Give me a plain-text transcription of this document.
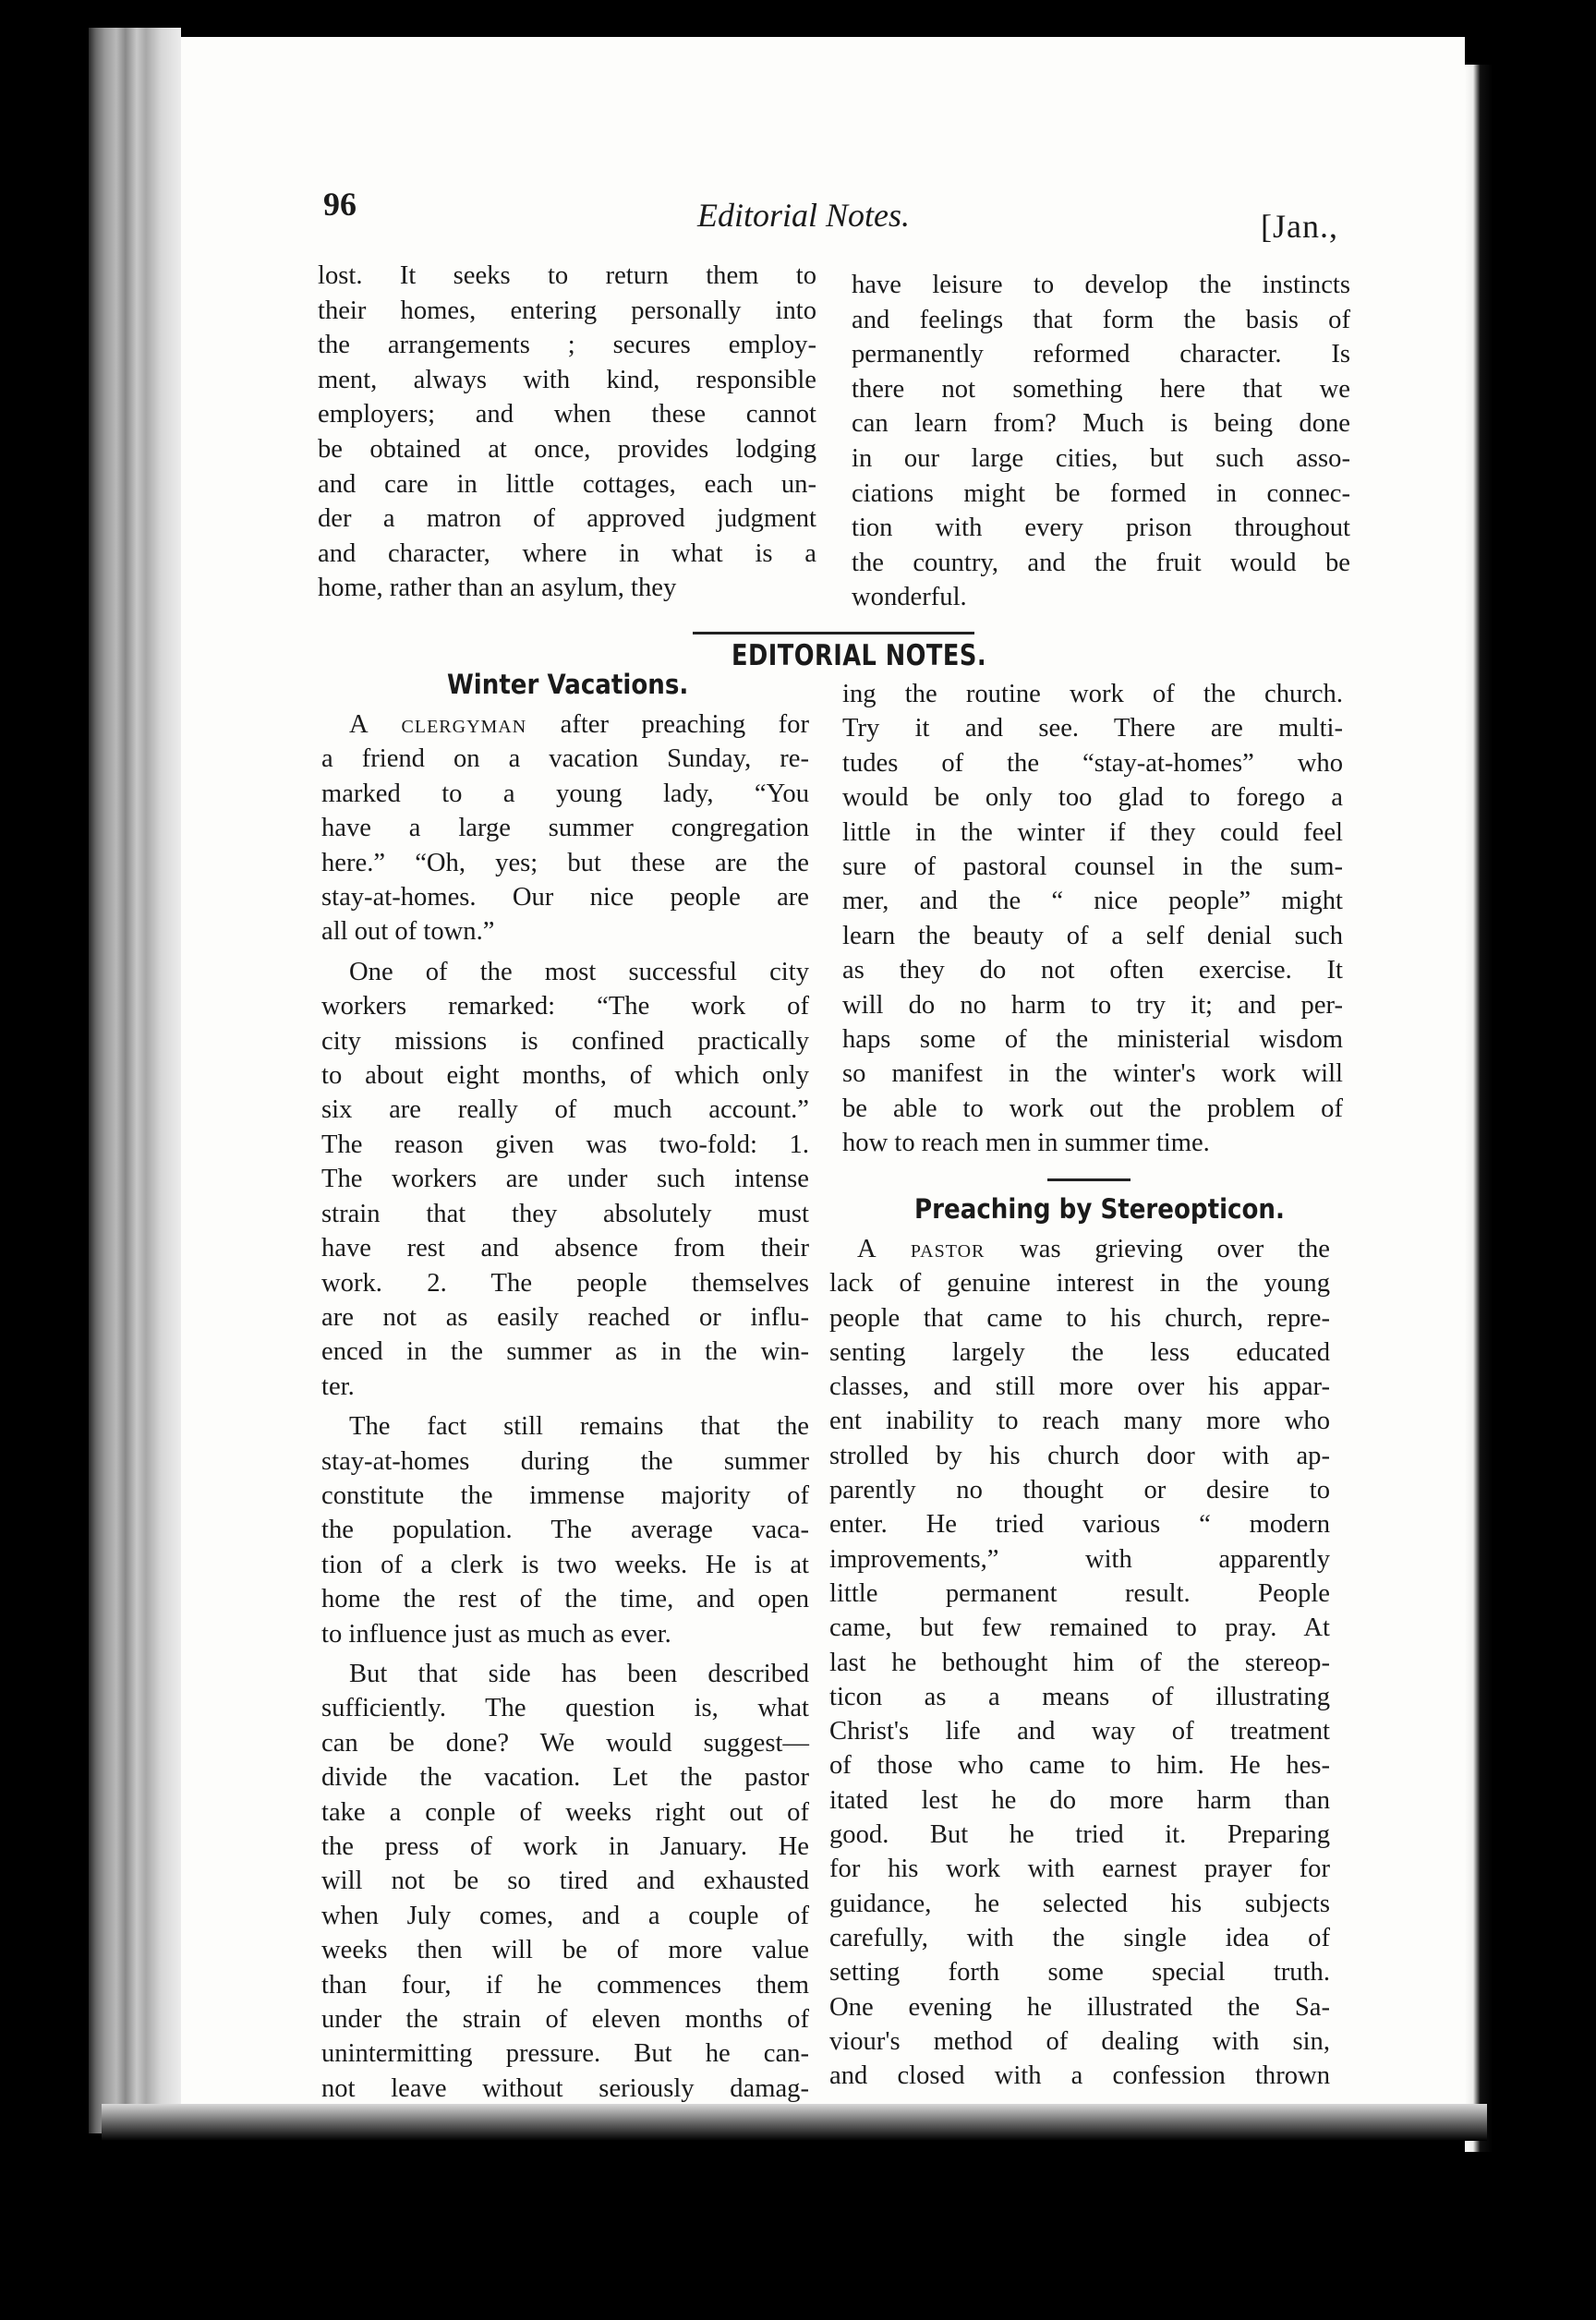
96	Editorial Notes.	[Jan.,
lost. It seeks to return them to
their homes, entering personally into
the arrangements ; secures employ-
ment, always with kind, responsible
employers; and when these cannot
be obtained at once, provides lodging
and care in little cottages, each un-
der a matron of approved judgment
and character, where in what is a
home, rather than an asylum, they
have leisure to develop the instincts
and feelings that form the basis of
permanently reformed character. Is
there not something here that we
can learn from? Much is being done
in our large cities, but such asso-
ciations might be formed in connec-
tion with every prison throughout
the country, and the fruit would be
wonderful.
EDITORIAL NOTES.
Winter Vacations.
A clergyman after preaching for
a friend on a vacation Sunday, re-
marked to a young lady, “You
have a large summer congregation
here.” “Oh, yes; but these are the
stay-at-homes. Our nice people are
all out of town.”
One of the most successful city
workers remarked: “The work of
city missions is confined practically
to about eight months, of which only
six are really of much account.”
The reason given was two-fold: 1.
The workers are under such intense
strain that they absolutely must
have rest and absence from their
work. 2. The people themselves
are not as easily reached or influ-
enced in the summer as in the win-
ter.
The fact still remains that the
stay-at-homes during the summer
constitute the immense majority of
the population. The average vaca-
tion of a clerk is two weeks. He is at
home the rest of the time, and open
to influence just as much as ever.
But that side has been described
sufficiently. The question is, what
can be done? We would suggest—
divide the vacation. Let the pastor
take a conple of weeks right out of
the press of work in January. He
will not be so tired and exhausted
when July comes, and a couple of
weeks then will be of more value
than four, if he commences them
under the strain of eleven months of
unintermitting pressure. But he can-
not leave without seriously damag-
ing the routine work of the church.
Try it and see. There are multi-
tudes of the “stay-at-homes” who
would be only too glad to forego a
little in the winter if they could feel
sure of pastoral counsel in the sum-
mer, and the “ nice people” might
learn the beauty of a self denial such
as they do not often exercise. It
will do no harm to try it; and per-
haps some of the ministerial wisdom
so manifest in the winter's work will
be able to work out the problem of
how to reach men in summer time.
Preaching by Stereopticon.
A pastor was grieving over the
lack of genuine interest in the young
people that came to his church, repre-
senting largely the less educated
classes, and still more over his appar-
ent inability to reach many more who
strolled by his church door with ap-
parently no thought or desire to
enter. He tried various “ modern
improvements,” with apparently
little permanent result. People
came, but few remained to pray. At
last he bethought him of the stereop-
ticon as a means of illustrating
Christ's life and way of treatment
of those who came to him. He hes-
itated lest he do more harm than
good. But he tried it. Preparing
for his work with earnest prayer for
guidance, he selected his subjects
carefully, with the single idea of
setting forth some special truth.
One evening he illustrated the Sa-
viour's method of dealing with sin,
and closed with a confession thrown
